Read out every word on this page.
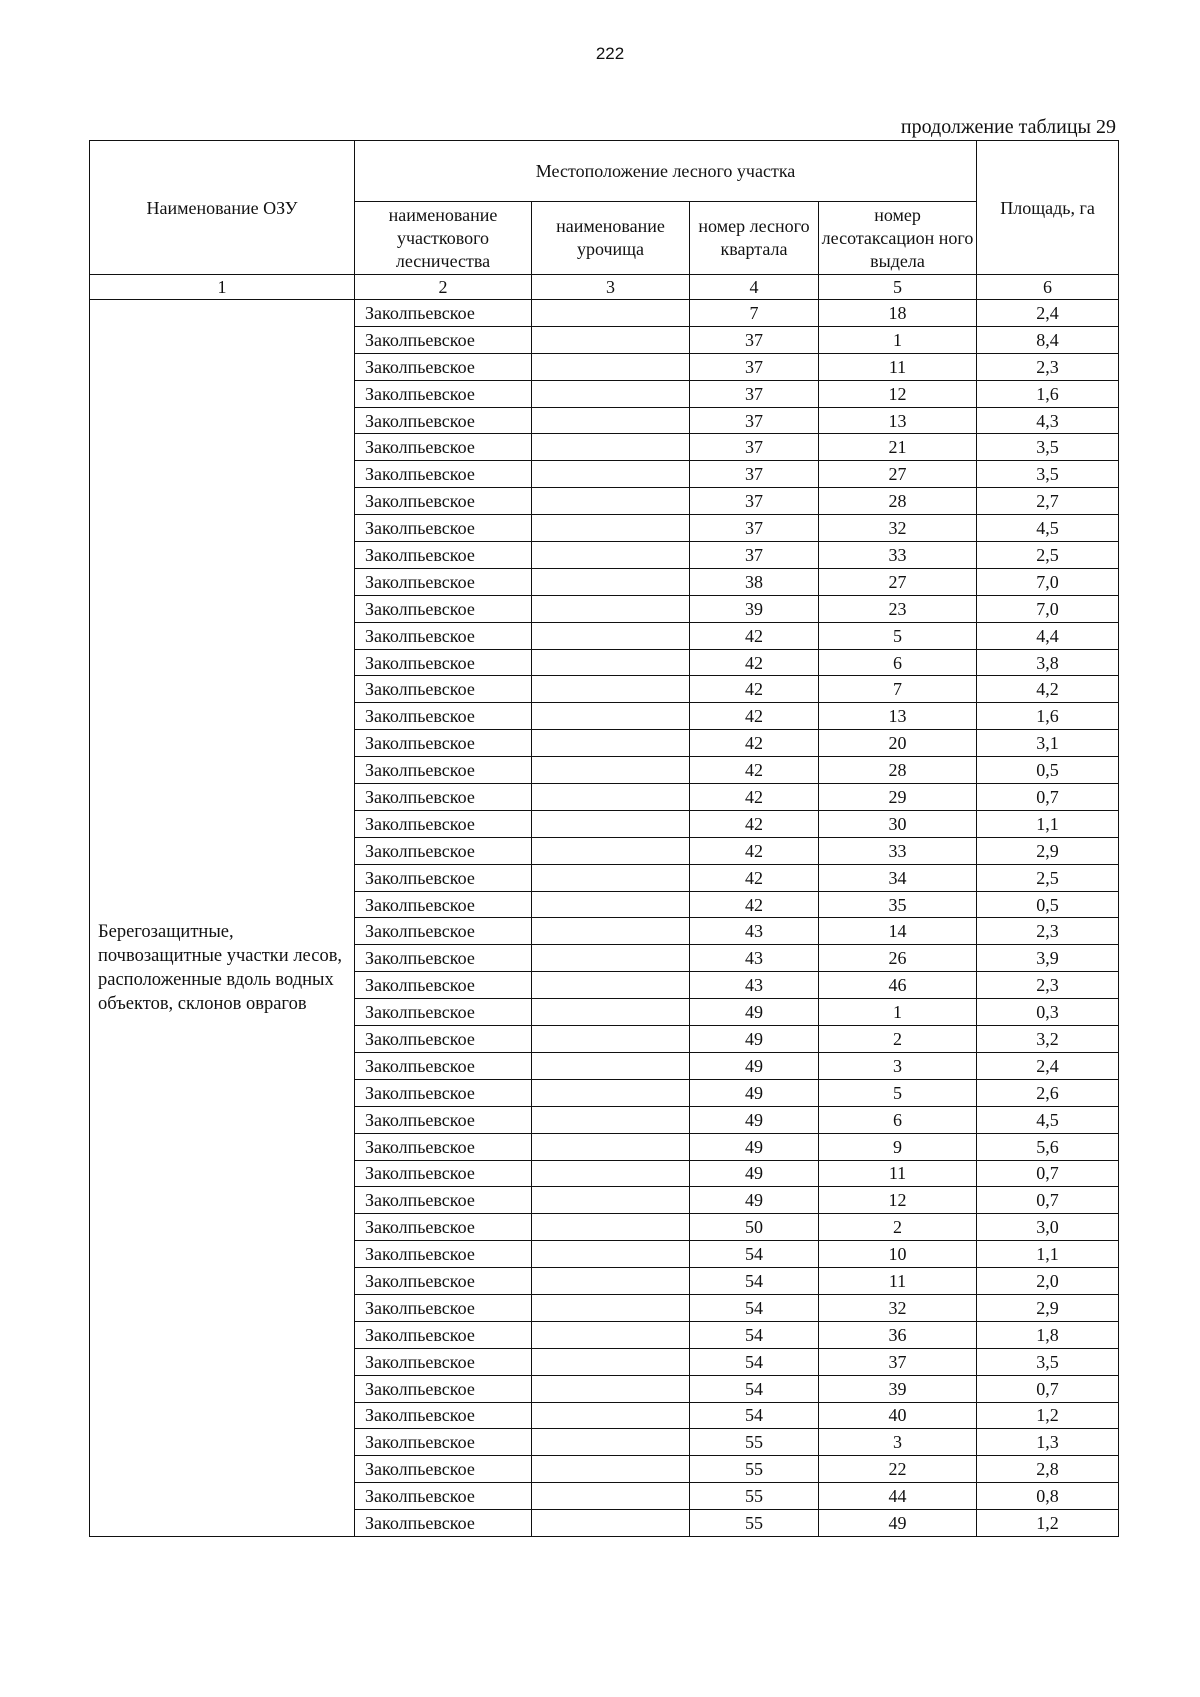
222
продолжение таблицы 29
Наименование ОЗУ	Местоположение лесного участка				Площадь, га
	наименование участкового лесничества	наименование урочища	номер лесного квартала	номер лесотаксацион ного выдела	
1	2	3	4	5	6
Берегозащитные, почвозащитные участки лесов, расположенные вдоль водных объектов, склонов оврагов	Заколпьевское		7	18	2,4
	Заколпьевское		37	1	8,4
	Заколпьевское		37	11	2,3
	Заколпьевское		37	12	1,6
	Заколпьевское		37	13	4,3
	Заколпьевское		37	21	3,5
	Заколпьевское		37	27	3,5
	Заколпьевское		37	28	2,7
	Заколпьевское		37	32	4,5
	Заколпьевское		37	33	2,5
	Заколпьевское		38	27	7,0
	Заколпьевское		39	23	7,0
	Заколпьевское		42	5	4,4
	Заколпьевское		42	6	3,8
	Заколпьевское		42	7	4,2
	Заколпьевское		42	13	1,6
	Заколпьевское		42	20	3,1
	Заколпьевское		42	28	0,5
	Заколпьевское		42	29	0,7
	Заколпьевское		42	30	1,1
	Заколпьевское		42	33	2,9
	Заколпьевское		42	34	2,5
	Заколпьевское		42	35	0,5
	Заколпьевское		43	14	2,3
	Заколпьевское		43	26	3,9
	Заколпьевское		43	46	2,3
	Заколпьевское		49	1	0,3
	Заколпьевское		49	2	3,2
	Заколпьевское		49	3	2,4
	Заколпьевское		49	5	2,6
	Заколпьевское		49	6	4,5
	Заколпьевское		49	9	5,6
	Заколпьевское		49	11	0,7
	Заколпьевское		49	12	0,7
	Заколпьевское		50	2	3,0
	Заколпьевское		54	10	1,1
	Заколпьевское		54	11	2,0
	Заколпьевское		54	32	2,9
	Заколпьевское		54	36	1,8
	Заколпьевское		54	37	3,5
	Заколпьевское		54	39	0,7
	Заколпьевское		54	40	1,2
	Заколпьевское		55	3	1,3
	Заколпьевское		55	22	2,8
	Заколпьевское		55	44	0,8
	Заколпьевское		55	49	1,2
